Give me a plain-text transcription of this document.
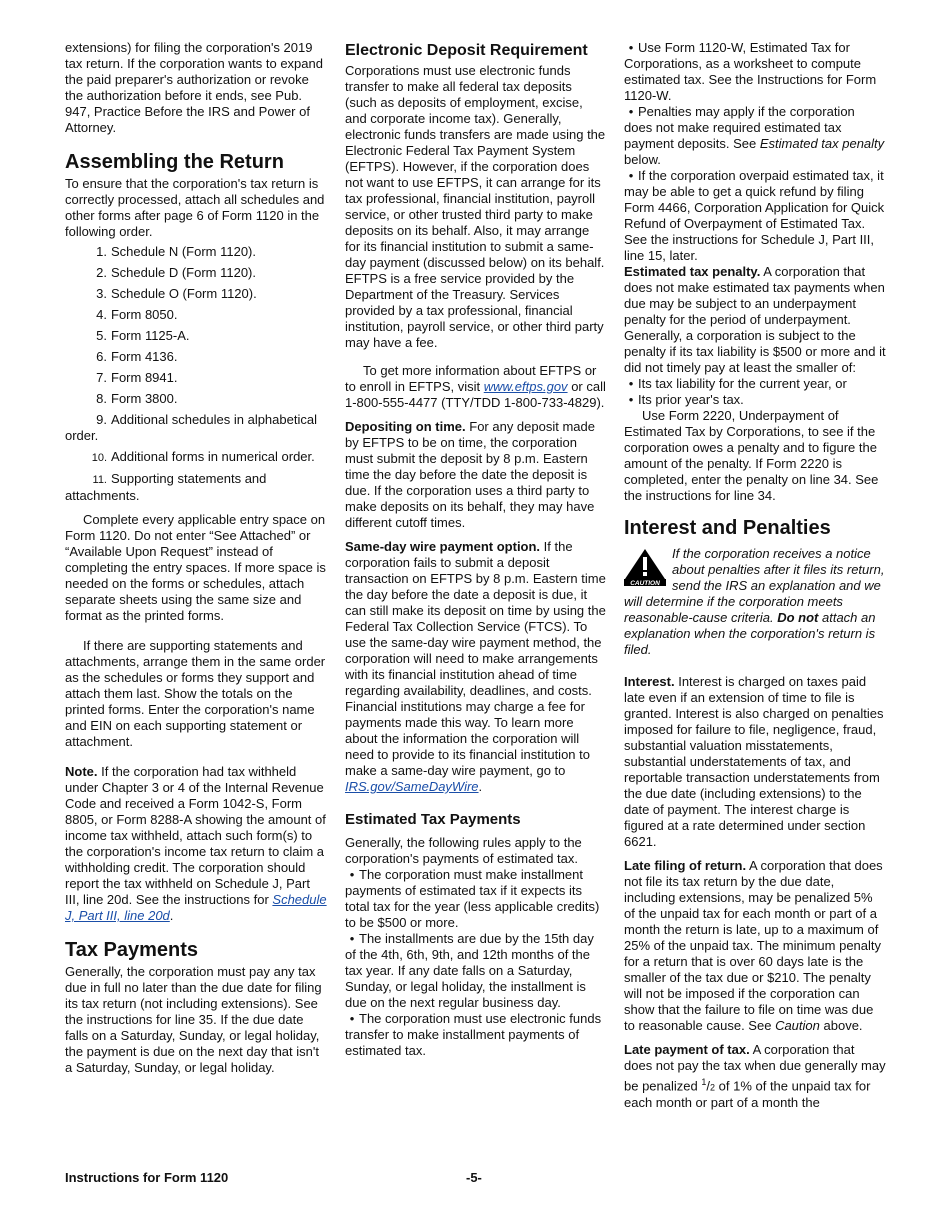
extensions) for filing the corporation's 2019 tax return. If the corporation wants to expand the paid preparer's authorization or revoke the authorization before it ends, see Pub. 947, Practice Before the IRS and Power of Attorney.

Assembling the Return

To ensure that the corporation's tax return is correctly processed, attach all schedules and other forms after page 6 of Form 1120 in the following order.

1. Schedule N (Form 1120).

2. Schedule D (Form 1120).

3. Schedule O (Form 1120).

4. Form 8050.

5. Form 1125-A.

6. Form 4136.

7. Form 8941.

8. Form 3800.

9. Additional schedules in alphabetical order.

10. Additional forms in numerical order.

11. Supporting statements and attachments.

Complete every applicable entry space on Form 1120. Do not enter “See Attached” or “Available Upon Request” instead of completing the entry spaces. If more space is needed on the forms or schedules, attach separate sheets using the same size and format as the printed forms.

If there are supporting statements and attachments, arrange them in the same order as the schedules or forms they support and attach them last. Show the totals on the printed forms. Enter the corporation's name and EIN on each supporting statement or attachment.

Note. If the corporation had tax withheld under Chapter 3 or 4 of the Internal Revenue Code and received a Form 1042-S, Form 8805, or Form 8288-A showing the amount of income tax withheld, attach such form(s) to the corporation's income tax return to claim a withholding credit. The corporation should report the tax withheld on Schedule J, Part III, line 20d. See the instructions for Schedule J, Part III, line 20d.

Tax Payments

Generally, the corporation must pay any tax due in full no later than the due date for filing its tax return (not including extensions). See the instructions for line 35. If the due date falls on a Saturday, Sunday, or legal holiday, the payment is due on the next day that isn't a Saturday, Sunday, or legal holiday.

Electronic Deposit Requirement

Corporations must use electronic funds transfer to make all federal tax deposits (such as deposits of employment, excise, and corporate income tax). Generally, electronic funds transfers are made using the Electronic Federal Tax Payment System (EFTPS). However, if the corporation does not want to use EFTPS, it can arrange for its tax professional, financial institution, payroll service, or other trusted third party to make deposits on its behalf. Also, it may arrange for its financial institution to submit a same-day payment (discussed below) on its behalf. EFTPS is a free service provided by the Department of the Treasury. Services provided by a tax professional, financial institution, payroll service, or other third party may have a fee.

To get more information about EFTPS or to enroll in EFTPS, visit www.eftps.gov or call 1-800-555-4477 (TTY/TDD 1-800-733-4829).

Depositing on time. For any deposit made by EFTPS to be on time, the corporation must submit the deposit by 8 p.m. Eastern time the day before the date the deposit is due. If the corporation uses a third party to make deposits on its behalf, they may have different cutoff times.

Same-day wire payment option. If the corporation fails to submit a deposit transaction on EFTPS by 8 p.m. Eastern time the day before the date a deposit is due, it can still make its deposit on time by using the Federal Tax Collection Service (FTCS). To use the same-day wire payment method, the corporation will need to make arrangements with its financial institution ahead of time regarding availability, deadlines, and costs. Financial institutions may charge a fee for payments made this way. To learn more about the information the corporation will need to provide to its financial institution to make a same-day wire payment, go to IRS.gov/SameDayWire.

Estimated Tax Payments

Generally, the following rules apply to the corporation's payments of estimated tax.

• The corporation must make installment payments of estimated tax if it expects its total tax for the year (less applicable credits) to be $500 or more.

• The installments are due by the 15th day of the 4th, 6th, 9th, and 12th months of the tax year. If any date falls on a Saturday, Sunday, or legal holiday, the installment is due on the next regular business day.

• The corporation must use electronic funds transfer to make installment payments of estimated tax.

• Use Form 1120-W, Estimated Tax for Corporations, as a worksheet to compute estimated tax. See the Instructions for Form 1120-W.

• Penalties may apply if the corporation does not make required estimated tax payment deposits. See Estimated tax penalty below.

• If the corporation overpaid estimated tax, it may be able to get a quick refund by filing Form 4466, Corporation Application for Quick Refund of Overpayment of Estimated Tax. See the instructions for Schedule J, Part III, line 15, later.

Estimated tax penalty. A corporation that does not make estimated tax payments when due may be subject to an underpayment penalty for the period of underpayment. Generally, a corporation is subject to the penalty if its tax liability is $500 or more and it did not timely pay at least the smaller of:

• Its tax liability for the current year, or

• Its prior year's tax.

Use Form 2220, Underpayment of Estimated Tax by Corporations, to see if the corporation owes a penalty and to figure the amount of the penalty. If Form 2220 is completed, enter the penalty on line 34. See the instructions for line 34.

Interest and Penalties
CAUTION
If the corporation receives a notice about penalties after it files its return, send the IRS an explanation and we will determine if the corporation meets reasonable-cause criteria. Do not attach an explanation when the corporation's return is filed.

Interest. Interest is charged on taxes paid late even if an extension of time to file is granted. Interest is also charged on penalties imposed for failure to file, negligence, fraud, substantial valuation misstatements, substantial understatements of tax, and reportable transaction understatements from the due date (including extensions) to the date of payment. The interest charge is figured at a rate determined under section 6621.

Late filing of return. A corporation that does not file its tax return by the due date, including extensions, may be penalized 5% of the unpaid tax for each month or part of a month the return is late, up to a maximum of 25% of the unpaid tax. The minimum penalty for a return that is over 60 days late is the smaller of the tax due or $210. The penalty will not be imposed if the corporation can show that the failure to file on time was due to reasonable cause. See Caution above.

Late payment of tax. A corporation that does not pay the tax when due generally may be penalized $^1$/2 of 1% of the unpaid tax for each month or part of a month the

Instructions for Form 1120	-5-
